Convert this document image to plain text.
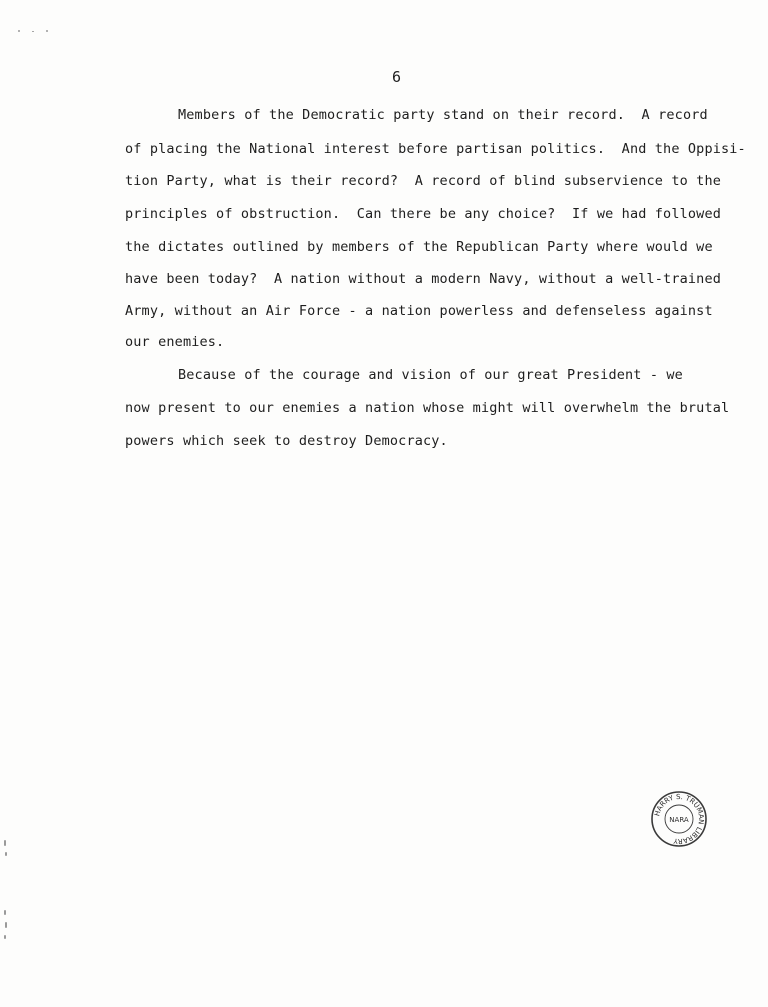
6
Members of the Democratic party stand on their record.  A record
of placing the National interest before partisan politics.  And the Oppisi-
tion Party, what is their record?  A record of blind subservience to the
principles of obstruction.  Can there be any choice?  If we had followed
the dictates outlined by members of the Republican Party where would we
have been today?  A nation without a modern Navy, without a well-trained
Army, without an Air Force - a nation powerless and defenseless against
our enemies.
Because of the courage and vision of our great President - we
now present to our enemies a nation whose might will overwhelm the brutal
powers which seek to destroy Democracy.
HARRY S. TRUMAN LIBRARY
NARA
